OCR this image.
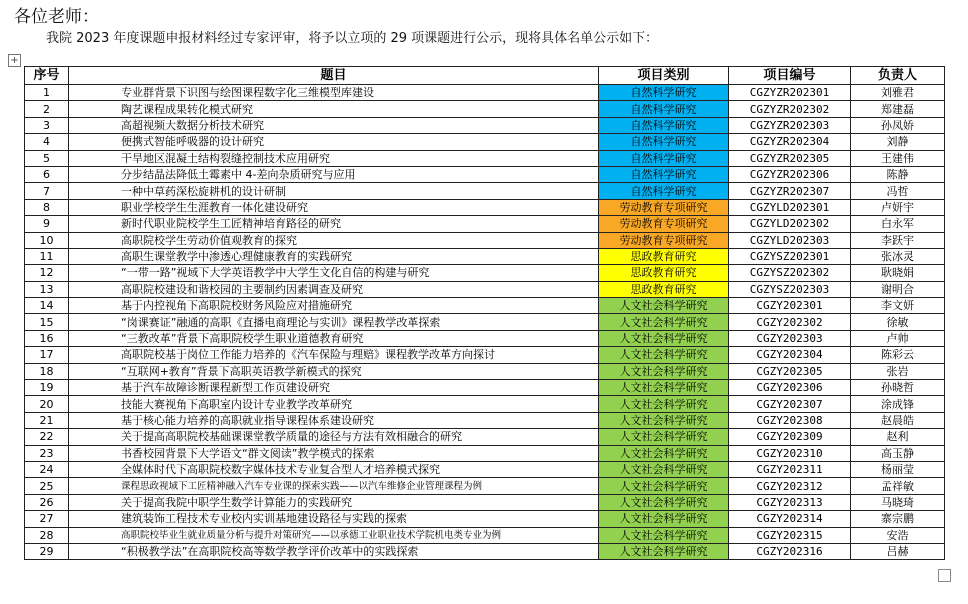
各位老师：
我院 2023 年度课题申报材料经过专家评审，将予以立项的 29 项课题进行公示，现将具体名单公示如下：
+
序号	题目	项目类别	项目编号	负责人
1	专业群背景下识图与绘图课程数字化三维模型库建设	自然科学研究	CGZYZR202301	刘雅君
2	陶艺课程成果转化模式研究	自然科学研究	CGZYZR202302	郑建磊
3	高超视频大数据分析技术研究	自然科学研究	CGZYZR202303	孙凤娇
4	便携式智能呼吸器的设计研究	自然科学研究	CGZYZR202304	刘静
5	干旱地区混凝土结构裂缝控制技术应用研究	自然科学研究	CGZYZR202305	王建伟
6	分步结晶法降低土霉素中 4-差向杂质研究与应用	自然科学研究	CGZYZR202306	陈静
7	一种中草药深松旋耕机的设计研制	自然科学研究	CGZYZR202307	冯哲
8	职业学校学生生涯教育一体化建设研究	劳动教育专项研究	CGZYLD202301	卢妍宇
9	新时代职业院校学生工匠精神培育路径的研究	劳动教育专项研究	CGZYLD202302	白永军
10	高职院校学生劳动价值观教育的探究	劳动教育专项研究	CGZYLD202303	李跃宇
11	高职生课堂教学中渗透心理健康教育的实践研究	思政教育研究	CGZYSZ202301	张冰灵
12	“一带一路”视域下大学英语教学中大学生文化自信的构建与研究	思政教育研究	CGZYSZ202302	耿晓娟
13	高职院校建设和谐校园的主要制约因素调查及研究	思政教育研究	CGZYSZ202303	谢明合
14	基于内控视角下高职院校财务风险应对措施研究	人文社会科学研究	CGZY202301	李文妍
15	“岗课赛证”融通的高职《直播电商理论与实训》课程教学改革探索	人文社会科学研究	CGZY202302	徐敏
16	“三教改革”背景下高职院校学生职业道德教育研究	人文社会科学研究	CGZY202303	卢帅
17	高职院校基于岗位工作能力培养的《汽车保险与理赔》课程教学改革方向探讨	人文社会科学研究	CGZY202304	陈彩云
18	“互联网+教育”背景下高职英语教学新模式的探究	人文社会科学研究	CGZY202305	张岩
19	基于汽车故障诊断课程新型工作页建设研究	人文社会科学研究	CGZY202306	孙晓哲
20	技能大赛视角下高职室内设计专业教学改革研究	人文社会科学研究	CGZY202307	涂成锋
21	基于核心能力培养的高职就业指导课程体系建设研究	人文社会科学研究	CGZY202308	赵晨皓
22	关于提高高职院校基础课课堂教学质量的途径与方法有效相融合的研究	人文社会科学研究	CGZY202309	赵利
23	书香校园背景下大学语文“群文阅读”教学模式的探索	人文社会科学研究	CGZY202310	高玉静
24	全媒体时代下高职院校数字媒体技术专业复合型人才培养模式探究	人文社会科学研究	CGZY202311	杨丽莹
25	课程思政视域下工匠精神融入汽车专业课的探索实践——以汽车维修企业管理课程为例	人文社会科学研究	CGZY202312	孟祥敏
26	关于提高我院中职学生数学计算能力的实践研究	人文社会科学研究	CGZY202313	马晓琦
27	建筑装饰工程技术专业校内实训基地建设路径与实践的探索	人文社会科学研究	CGZY202314	寨宗鹏
28	高职院校毕业生就业质量分析与提升对策研究——以承德工业职业技术学院机电类专业为例	人文社会科学研究	CGZY202315	安浩
29	“积极教学法”在高职院校高等数学教学评价改革中的实践探索	人文社会科学研究	CGZY202316	吕赫
